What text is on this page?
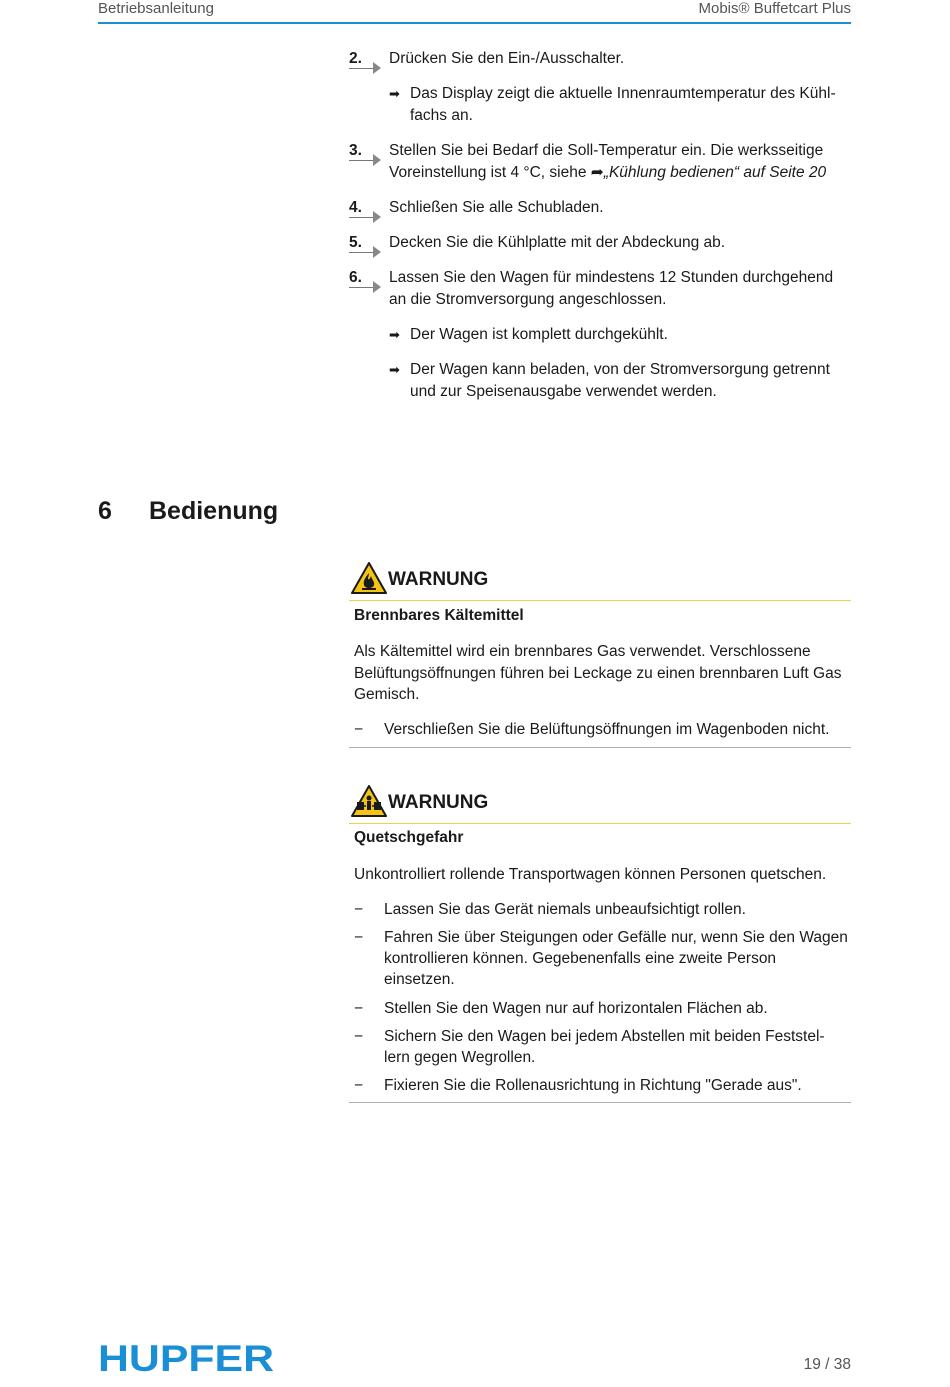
Betriebsanleitung	Mobis® Buffetcart Plus
2.	Drücken Sie den Ein-/Ausschalter.
➡ Das Display zeigt die aktuelle Innenraumtemperatur des Kühl-fachs an.
3.	Stellen Sie bei Bedarf die Soll-Temperatur ein. Die werksseitige Voreinstellung ist 4 °C, siehe ➦„Kühlung bedienen“ auf Seite 20
4.	Schließen Sie alle Schubladen.
5.	Decken Sie die Kühlplatte mit der Abdeckung ab.
6.	Lassen Sie den Wagen für mindestens 12 Stunden durchgehend an die Stromversorgung angeschlossen.
➡ Der Wagen ist komplett durchgekühlt.
➡ Der Wagen kann beladen, von der Stromversorgung getrennt und zur Speisenausgabe verwendet werden.
6 Bedienung
WARNUNG
Brennbares Kältemittel
Als Kältemittel wird ein brennbares Gas verwendet. Verschlossene Belüftungsöffnungen führen bei Leckage zu einen brennbaren Luft Gas Gemisch.
− Verschließen Sie die Belüftungsöffnungen im Wagenboden nicht.
WARNUNG
Quetschgefahr
Unkontrolliert rollende Transportwagen können Personen quetschen.
− Lassen Sie das Gerät niemals unbeaufsichtigt rollen.
− Fahren Sie über Steigungen oder Gefälle nur, wenn Sie den Wagen kontrollieren können. Gegebenenfalls eine zweite Person einsetzen.
− Stellen Sie den Wagen nur auf horizontalen Flächen ab.
− Sichern Sie den Wagen bei jedem Abstellen mit beiden Feststel-lern gegen Wegrollen.
− Fixieren Sie die Rollenausrichtung in Richtung "Gerade aus".
HUPFER	19 / 38
